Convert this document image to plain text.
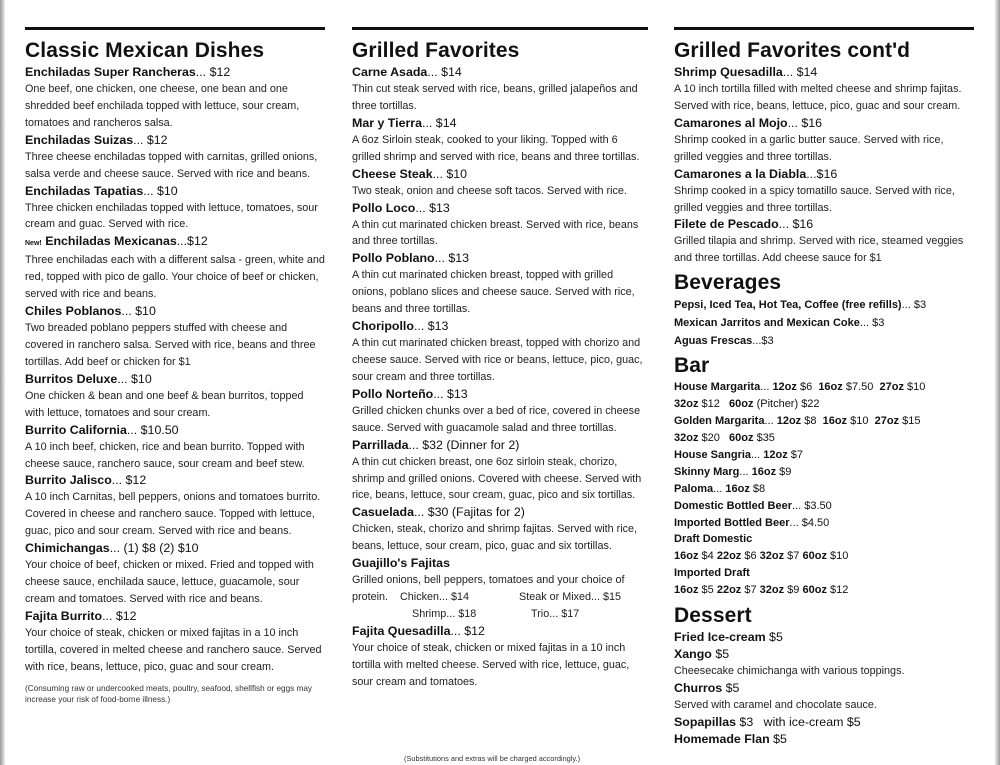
Classic Mexican Dishes
Enchiladas Super Rancheras... $12

One beef, one chicken, one cheese, one bean and one shredded beef enchilada topped with lettuce, sour cream, tomatoes and rancheros salsa.

Enchiladas Suizas... $12

Three cheese enchiladas topped with carnitas, grilled onions, salsa verde and cheese sauce. Served with rice and beans.

Enchiladas Tapatias... $10

Three chicken enchiladas topped with lettuce, tomatoes, sour cream and guac. Served with rice.

New! Enchiladas Mexicanas...$12

Three enchiladas each with a different salsa - green, white and red, topped with pico de gallo. Your choice of beef or chicken, served with rice and beans.

Chiles Poblanos... $10

Two breaded poblano peppers stuffed with cheese and covered in ranchero salsa. Served with rice, beans and three tortillas. Add beef or chicken for $1

Burritos Deluxe... $10

One chicken & bean and one beef & bean burritos, topped with lettuce, tomatoes and sour cream.

Burrito California... $10.50

A 10 inch beef, chicken, rice and bean burrito. Topped with cheese sauce, ranchero sauce, sour cream and beef stew.

Burrito Jalisco... $12

A 10 inch Carnitas, bell peppers, onions and tomatoes burrito. Covered in cheese and ranchero sauce. Topped with lettuce, guac, pico and sour cream. Served with rice and beans.

Chimichangas... (1) $8 (2) $10

Your choice of beef, chicken or mixed. Fried and topped with cheese sauce, enchilada sauce, lettuce, guacamole, sour cream and tomatoes. Served with rice and beans.

Fajita Burrito... $12

Your choice of steak, chicken or mixed fajitas in a 10 inch tortilla, covered in melted cheese and ranchero sauce. Served with rice, beans, lettuce, pico, guac and sour cream.

(Consuming raw or undercooked meats, poultry, seafood, shellfish or eggs may increase your risk of food-borne illness.)
Grilled Favorites
Carne Asada... $14

Thin cut steak served with rice, beans, grilled jalapeños and three tortillas.

Mar y Tierra... $14

A 6oz Sirloin steak, cooked to your liking. Topped with 6 grilled shrimp and served with rice, beans and three tortillas.

Cheese Steak... $10

Two steak, onion and cheese soft tacos. Served with rice.

Pollo Loco... $13

A thin cut marinated chicken breast. Served with rice, beans and three tortillas.

Pollo Poblano... $13

A thin cut marinated chicken breast, topped with grilled onions, poblano slices and cheese sauce. Served with rice, beans and three tortillas.

Choripollo... $13

A thin cut marinated chicken breast, topped with chorizo and cheese sauce. Served with rice or beans, lettuce, pico, guac, sour cream and three tortillas.

Pollo Norteño... $13

Grilled chicken chunks over a bed of rice, covered in cheese sauce. Served with guacamole salad and three tortillas.

Parrillada... $32 (Dinner for 2)

A thin cut chicken breast, one 6oz sirloin steak, chorizo, shrimp and grilled onions. Covered with cheese. Served with rice, beans, lettuce, sour cream, guac, pico and six tortillas.

Casuelada... $30 (Fajitas for 2)

Chicken, steak, chorizo and shrimp fajitas. Served with rice, beans, lettuce, sour cream, pico, guac and six tortillas.

Guajillo's Fajitas

Grilled onions, bell peppers, tomatoes and your choice of

protein.	Chicken... $14	Steak or Mixed... $15
Shrimp... $18	Trio... $17
Fajita Quesadilla... $12

Your choice of steak, chicken or mixed fajitas in a 10 inch tortilla with melted cheese. Served with rice, lettuce, guac, sour cream and tomatoes.

(Substitutions and extras will be charged accordingly.)
Grilled Favorites cont'd
Shrimp Quesadilla... $14

A 10 inch tortilla filled with melted cheese and shrimp fajitas. Served with rice, beans, lettuce, pico, guac and sour cream.

Camarones al Mojo... $16

Shrimp cooked in a garlic butter sauce. Served with rice, grilled veggies and three tortillas.

Camarones a la Diabla...$16

Shrimp cooked in a spicy tomatillo sauce. Served with rice, grilled veggies and three tortillas.

Filete de Pescado... $16

Grilled tilapia and shrimp. Served with rice, steamed veggies and three tortillas. Add cheese sauce for $1

Beverages
Pepsi, Iced Tea, Hot Tea, Coffee (free refills)... $3
Mexican Jarritos and Mexican Coke... $3
Aguas Frescas...$3
Bar
House Margarita... 12oz $6  16oz $7.50  27oz $10
32oz $12   60oz (Pitcher) $22
Golden Margarita... 12oz $8  16oz $10  27oz $15
32oz $20   60oz $35
House Sangria... 12oz $7
Skinny Marg... 16oz $9
Paloma... 16oz $8
Domestic Bottled Beer... $3.50
Imported Bottled Beer... $4.50
Draft Domestic
16oz $4 22oz $6 32oz $7 60oz $10
Imported Draft
16oz $5 22oz $7 32oz $9 60oz $12
Dessert
Fried Ice-cream $5
Xango $5

Cheesecake chimichanga with various toppings.

Churros $5

Served with caramel and chocolate sauce.

Sopapillas $3   with ice-cream $5
Homemade Flan $5
